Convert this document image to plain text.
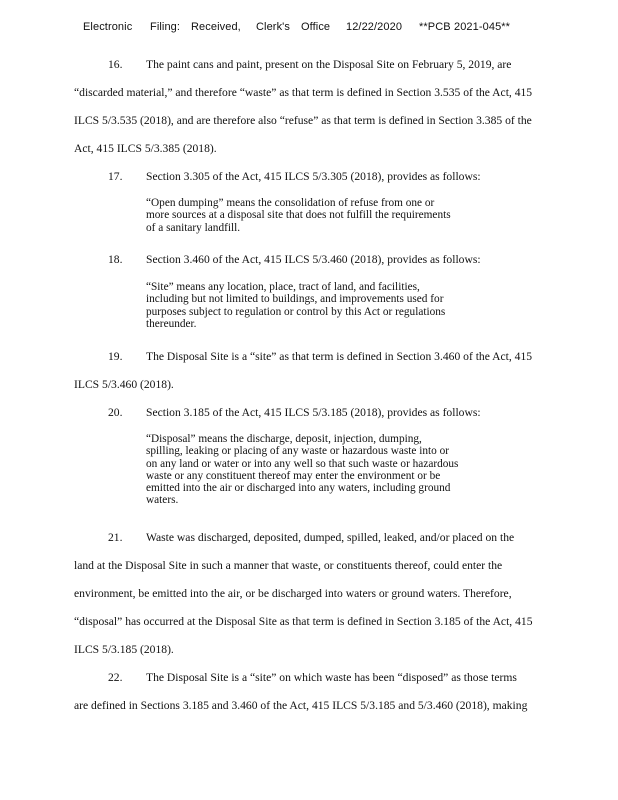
Electronic Filing: Received, Clerk's Office 12/22/2020 **PCB 2021-045**
16. The paint cans and paint, present on the Disposal Site on February 5, 2019, are
“discarded material,” and therefore “waste” as that term is defined in Section 3.535 of the Act, 415
ILCS 5/3.535 (2018), and are therefore also “refuse” as that term is defined in Section 3.385 of the
Act, 415 ILCS 5/3.385 (2018).
17. Section 3.305 of the Act, 415 ILCS 5/3.305 (2018), provides as follows:
“Open dumping” means the consolidation of refuse from one or
more sources at a disposal site that does not fulfill the requirements
of a sanitary landfill.
18. Section 3.460 of the Act, 415 ILCS 5/3.460 (2018), provides as follows:
“Site” means any location, place, tract of land, and facilities,
including but not limited to buildings, and improvements used for
purposes subject to regulation or control by this Act or regulations
thereunder.
19. The Disposal Site is a “site” as that term is defined in Section 3.460 of the Act, 415
ILCS 5/3.460 (2018).
20. Section 3.185 of the Act, 415 ILCS 5/3.185 (2018), provides as follows:
“Disposal” means the discharge, deposit, injection, dumping,
spilling, leaking or placing of any waste or hazardous waste into or
on any land or water or into any well so that such waste or hazardous
waste or any constituent thereof may enter the environment or be
emitted into the air or discharged into any waters, including ground
waters.
21. Waste was discharged, deposited, dumped, spilled, leaked, and/or placed on the
land at the Disposal Site in such a manner that waste, or constituents thereof, could enter the
environment, be emitted into the air, or be discharged into waters or ground waters. Therefore,
“disposal” has occurred at the Disposal Site as that term is defined in Section 3.185 of the Act, 415
ILCS 5/3.185 (2018).
22. The Disposal Site is a “site” on which waste has been “disposed” as those terms
are defined in Sections 3.185 and 3.460 of the Act, 415 ILCS 5/3.185 and 5/3.460 (2018), making
